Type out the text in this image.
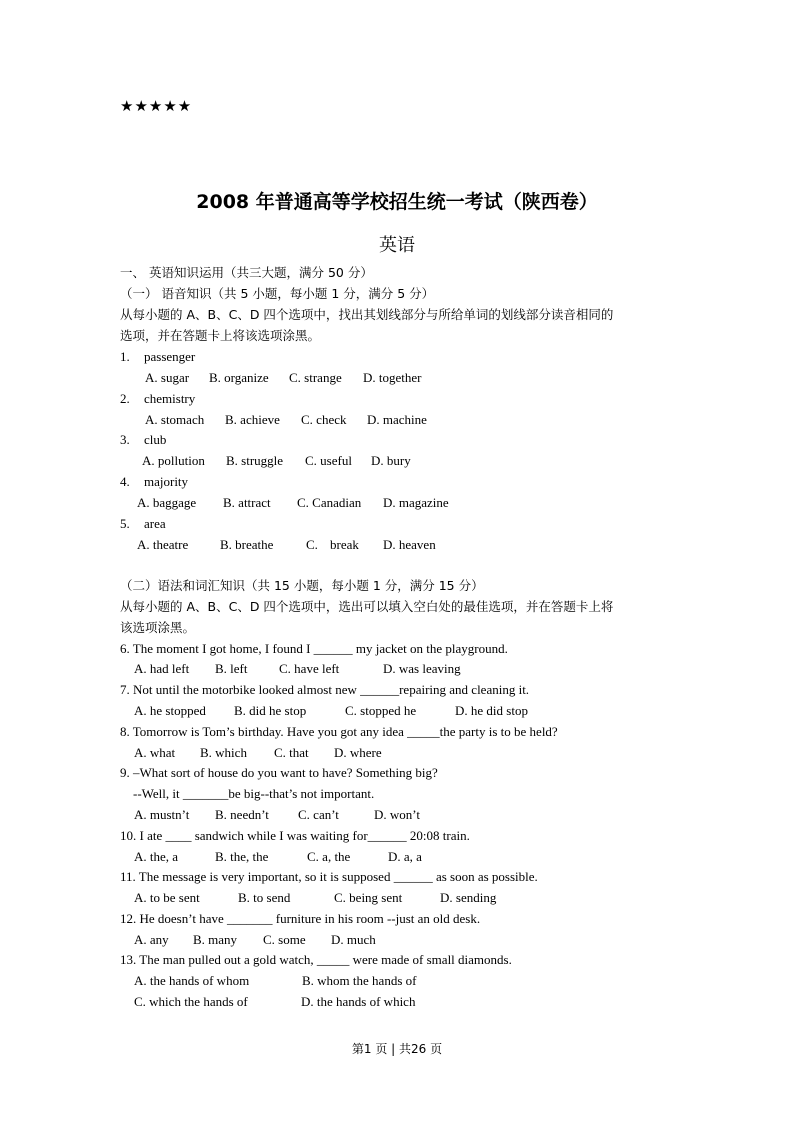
★★★★★
2008 年普通高等学校招生统一考试（陕西卷）
英语
一、 英语知识运用（共三大题，满分 50 分）
（一） 语音知识（共 5 小题，每小题 1 分，满分 5 分）
从每小题的 A、B、C、D 四个选项中，找出其划线部分与所给单词的划线部分读音相同的
选项，并在答题卡上将该选项涂黑。
1. passenger
A. sugar B. organize C. strange D. together
2. chemistry
A. stomach B. achieve C. check D. machine
3. club
A. pollution B. struggle C. useful D. bury
4. majority
A. baggage B. attract C. Canadian D. magazine
5. area
A. theatre B. breathe	C. break D. heaven
（二）语法和词汇知识（共 15 小题，每小题 1 分，满分 15 分）
从每小题的 A、B、C、D 四个选项中，选出可以填入空白处的最佳选项，并在答题卡上将
该选项涂黑。
6. The moment I got home, I found I ______ my jacket on the playground.
A. had left B. left C. have left	D. was leaving
7. Not until the motorbike looked almost new ______repairing and cleaning it.
A. he stopped B. did he stop	C. stopped he	D. he did stop
8. Tomorrow is Tom’s birthday. Have you got any idea _____the party is to be held?
A. what B. which C. that D. where
9. –What sort of house do you want to have? Something big?
--Well, it _______be big--that’s not important.
A. mustn’t B. needn’t C. can’t	D. won’t
10. I ate ____ sandwich while I was waiting for______ 20:08 train.
A. the, a	B. the, the	C. a, the	D. a, a
11. The message is very important, so it is supposed ______ as soon as possible.
A. to be sent	B. to send	C. being sent	D. sending
12. He doesn’t have _______ furniture in his room --just an old desk.
A. any B. many C. some D. much
13. The man pulled out a gold watch, _____ were made of small diamonds.
A. the hands of whom	B. whom the hands of
C. which the hands of	D. the hands of which
第1 页 | 共26 页
